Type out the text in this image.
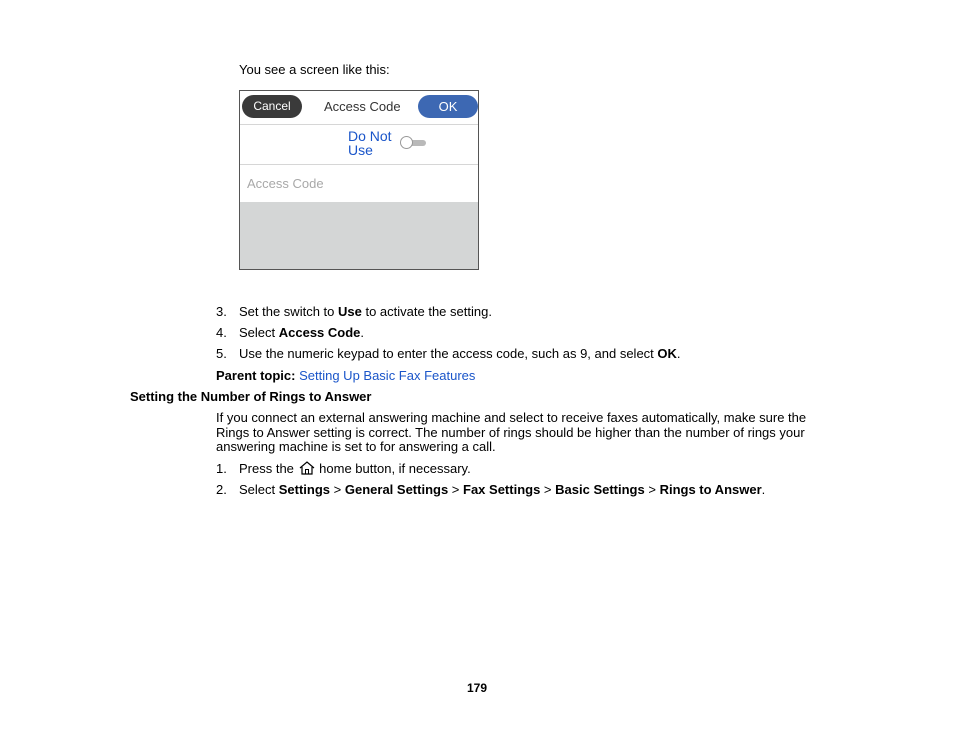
You see a screen like this:
Cancel	Access Code	OK
Do Not Use
Access Code
3. Set the switch to Use to activate the setting.
4. Select Access Code.
5. Use the numeric keypad to enter the access code, such as 9, and select OK.
Parent topic: Setting Up Basic Fax Features
Setting the Number of Rings to Answer
If you connect an external answering machine and select to receive faxes automatically, make sure the
Rings to Answer setting is correct. The number of rings should be higher than the number of rings your
answering machine is set to for answering a call.
1. Press the home button, if necessary.
2. Select Settings > General Settings > Fax Settings > Basic Settings > Rings to Answer.
179
